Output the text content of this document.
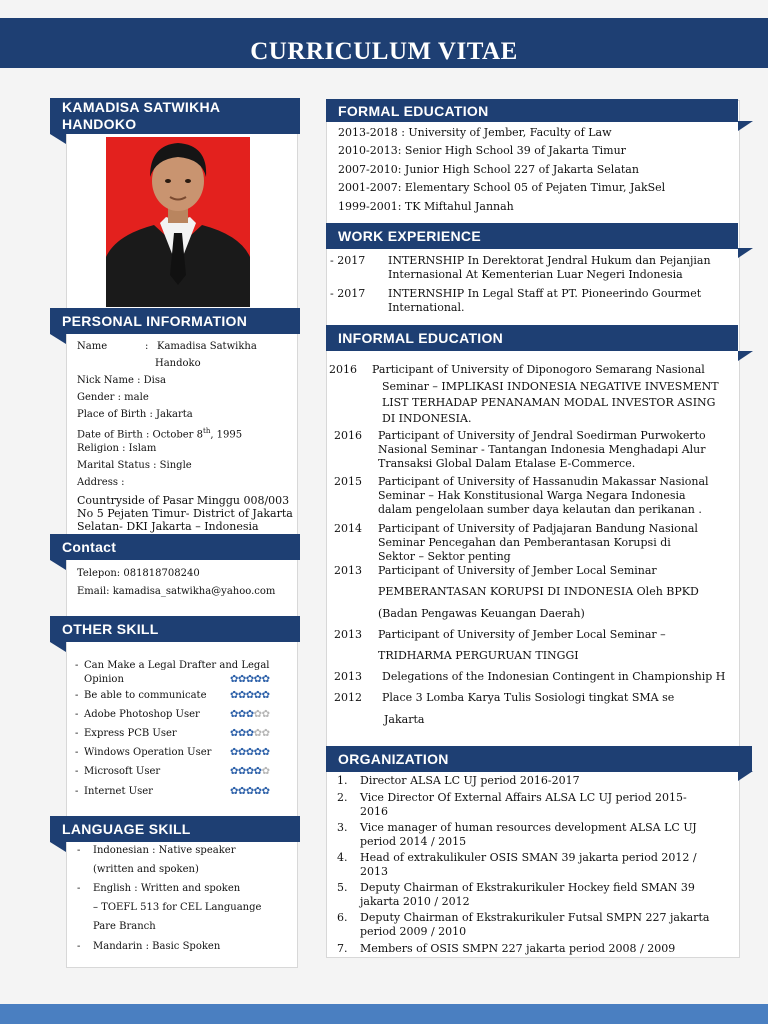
CURRICULUM VITAE
KAMADISA SATWIKHA
HANDOKO
PERSONAL INFORMATION
Name	: Kamadisa Satwikha
Handoko
Nick Name : Disa
Gender : male
Place of Birth : Jakarta
Date of Birth : October 8th, 1995
Religion : Islam
Marital Status : Single
Address :
Countryside of Pasar Minggu 008/003
No 5 Pejaten Timur- District of Jakarta
Selatan- DKI Jakarta – Indonesia
Contact
Telepon: 081818708240
Email: kamadisa_satwikha@yahoo.com
OTHER SKILL
- Can Make a Legal Drafter and Legal
Opinion	✿✿✿✿✿
- Be able to communicate ✿✿✿✿✿
- Adobe Photoshop User	✿✿✿✿✿
- Express PCB User	✿✿✿✿✿
- Windows Operation User ✿✿✿✿✿
- Microsoft User	✿✿✿✿✿
- Internet User	✿✿✿✿✿
LANGUAGE SKILL
- Indonesian : Native speaker
(written and spoken)
- English : Written and spoken
– TOEFL 513 for CEL Languange
Pare Branch
- Mandarin : Basic Spoken
FORMAL EDUCATION
2013-2018 : University of Jember, Faculty of Law
2010-2013: Senior High School 39 of Jakarta Timur
2007-2010: Junior High School 227 of Jakarta Selatan
2001-2007: Elementary School 05 of Pejaten Timur, JakSel
1999-2001: TK Miftahul Jannah
WORK EXPERIENCE
- 2017 INTERNSHIP In Derektorat Jendral Hukum dan Pejanjian
Internasional At Kementerian Luar Negeri Indonesia
- 2017 INTERNSHIP In Legal Staff at PT. Pioneerindo Gourmet
International.
INFORMAL EDUCATION
2016 Participant of University of Diponogoro Semarang Nasional
Seminar – IMPLIKASI INDONESIA NEGATIVE INVESMENT
LIST TERHADAP PENANAMAN MODAL INVESTOR ASING
DI INDONESIA.
2016 Participant of University of Jendral Soedirman Purwokerto
Nasional Seminar - Tantangan Indonesia Menghadapi Alur
Transaksi Global Dalam Etalase E-Commerce.
2015 Participant of University of Hassanudin Makassar Nasional
Seminar – Hak Konstitusional Warga Negara Indonesia
dalam pengelolaan sumber daya kelautan dan perikanan .
2014 Participant of University of Padjajaran Bandung Nasional
Seminar Pencegahan dan Pemberantasan Korupsi di
Sektor – Sektor penting
2013 Participant of University of Jember Local Seminar
PEMBERANTASAN KORUPSI DI INDONESIA Oleh BPKD
(Badan Pengawas Keuangan Daerah)
2013 Participant of University of Jember Local Seminar –
TRIDHARMA PERGURUAN TINGGI
2013 Delegations of the Indonesian Contingent in Championship H
2012 Place 3 Lomba Karya Tulis Sosiologi tingkat SMA se
Jakarta
ORGANIZATION
1. Director ALSA LC UJ period 2016-2017
2. Vice Director Of External Affairs ALSA LC UJ period 2015-
2016
3. Vice manager of human resources development ALSA LC UJ
period 2014 / 2015
4. Head of extrakulikuler OSIS SMAN 39 jakarta period 2012 /
2013
5. Deputy Chairman of Ekstrakurikuler Hockey field SMAN 39
jakarta 2010 / 2012
6. Deputy Chairman of Ekstrakurikuler Futsal SMPN 227 jakarta
period 2009 / 2010
7. Members of OSIS SMPN 227 jakarta period 2008 / 2009
